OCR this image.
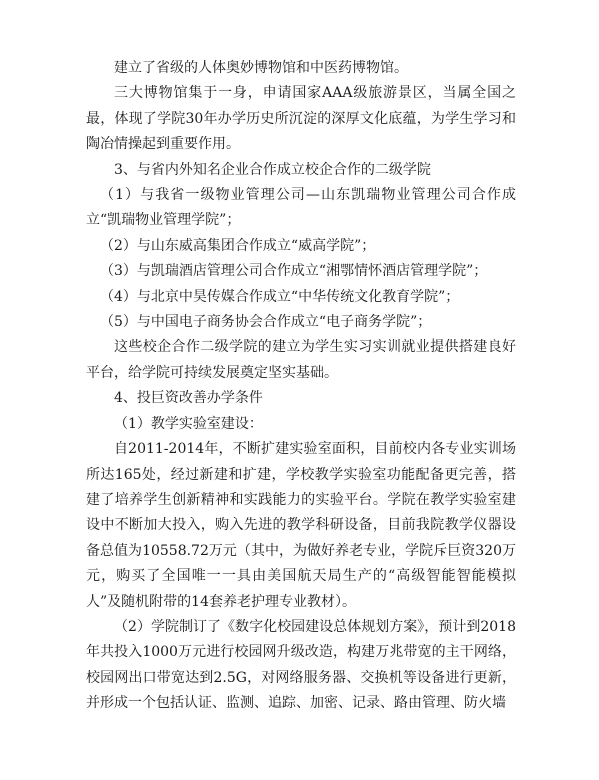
建立了省级的人体奥妙博物馆和中医药博物馆。

三大博物馆集于一身，申请国家AAA级旅游景区，当属全国之最，体现了学院30年办学历史所沉淀的深厚文化底蕴，为学生学习和陶冶情操起到重要作用。

3、与省内外知名企业合作成立校企合作的二级学院

（1）与我省一级物业管理公司—山东凯瑞物业管理公司合作成立“凯瑞物业管理学院”；

（2）与山东威高集团合作成立“威高学院”；

（3）与凯瑞酒店管理公司合作成立“湘鄂情怀酒店管理学院”；

（4）与北京中昊传媒合作成立“中华传统文化教育学院”；

（5）与中国电子商务协会合作成立“电子商务学院”；

这些校企合作二级学院的建立为学生实习实训就业提供搭建良好平台，给学院可持续发展奠定坚实基础。

4、投巨资改善办学条件

（1）教学实验室建设：

自2011-2014年，不断扩建实验室面积，目前校内各专业实训场所达165处，经过新建和扩建，学校教学实验室功能配备更完善，搭建了培养学生创新精神和实践能力的实验平台。学院在教学实验室建设中不断加大投入，购入先进的教学科研设备，目前我院教学仪器设备总值为10558.72万元（其中，为做好养老专业，学院斥巨资320万元，购买了全国唯一一具由美国航天局生产的“高级智能智能模拟人”及随机附带的14套养老护理专业教材）。

（2）学院制订了《数字化校园建设总体规划方案》，预计到2018年共投入1000万元进行校园网升级改造，构建万兆带宽的主干网络，校园网出口带宽达到2.5G，对网络服务器、交换机等设备进行更新，并形成一个包括认证、监测、追踪、加密、记录、路由管理、防火墙
